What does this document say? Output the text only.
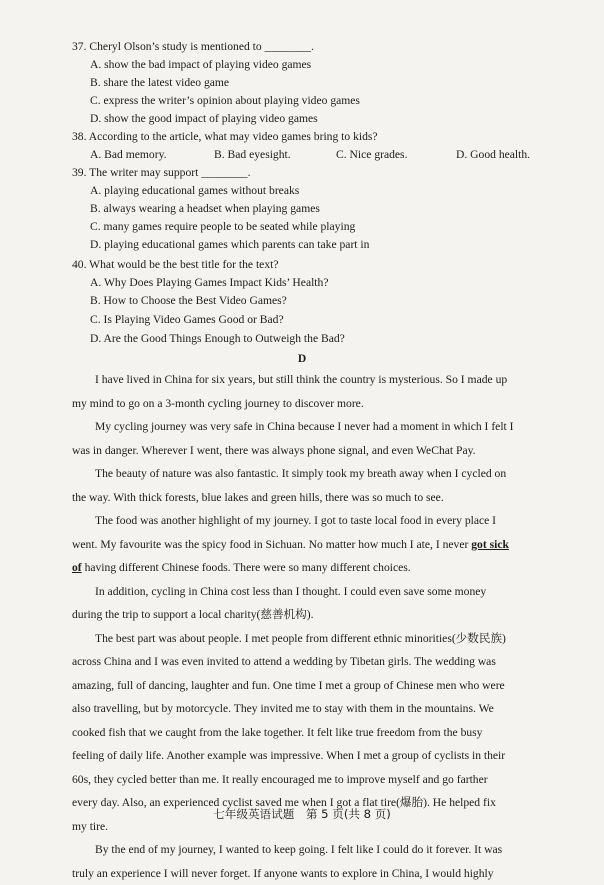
37. Cheryl Olson’s study is mentioned to ________.
A. show the bad impact of playing video games
B. share the latest video game
C. express the writer’s opinion about playing video games
D. show the good impact of playing video games
38. According to the article, what may video games bring to kids?
A. Bad memory.	B. Bad eyesight.	C. Nice grades.	D. Good health.
39. The writer may support ________.
A. playing educational games without breaks
B. always wearing a headset when playing games
C. many games require people to be seated while playing
D. playing educational games which parents can take part in
40. What would be the best title for the text?
A. Why Does Playing Games Impact Kids’ Health?
B. How to Choose the Best Video Games?
C. Is Playing Video Games Good or Bad?
D. Are the Good Things Enough to Outweigh the Bad?
D
I have lived in China for six years, but still think the country is mysterious. So I made up
my mind to go on a 3-month cycling journey to discover more.
My cycling journey was very safe in China because I never had a moment in which I felt I
was in danger. Wherever I went, there was always phone signal, and even WeChat Pay.
The beauty of nature was also fantastic. It simply took my breath away when I cycled on
the way. With thick forests, blue lakes and green hills, there was so much to see.
The food was another highlight of my journey. I got to taste local food in every place I
went. My favourite was the spicy food in Sichuan. No matter how much I ate, I never got sick
of having different Chinese foods. There were so many different choices.
In addition, cycling in China cost less than I thought. I could even save some money
during the trip to support a local charity(慈善机构).
The best part was about people. I met people from different ethnic minorities(少数民族)
across China and I was even invited to attend a wedding by Tibetan girls. The wedding was
amazing, full of dancing, laughter and fun. One time I met a group of Chinese men who were
also travelling, but by motorcycle. They invited me to stay with them in the mountains. We
cooked fish that we caught from the lake together. It felt like true freedom from the busy
feeling of daily life. Another example was impressive. When I met a group of cyclists in their
60s, they cycled better than me. It really encouraged me to improve myself and go farther
every day. Also, an experienced cyclist saved me when I got a flat tire(爆胎). He helped fix
my tire.
By the end of my journey, I wanted to keep going. I felt like I could do it forever. It was
truly an experience I will never forget. If anyone wants to explore in China, I would highly
七年级英语试题　第 5 页(共 8 页)
